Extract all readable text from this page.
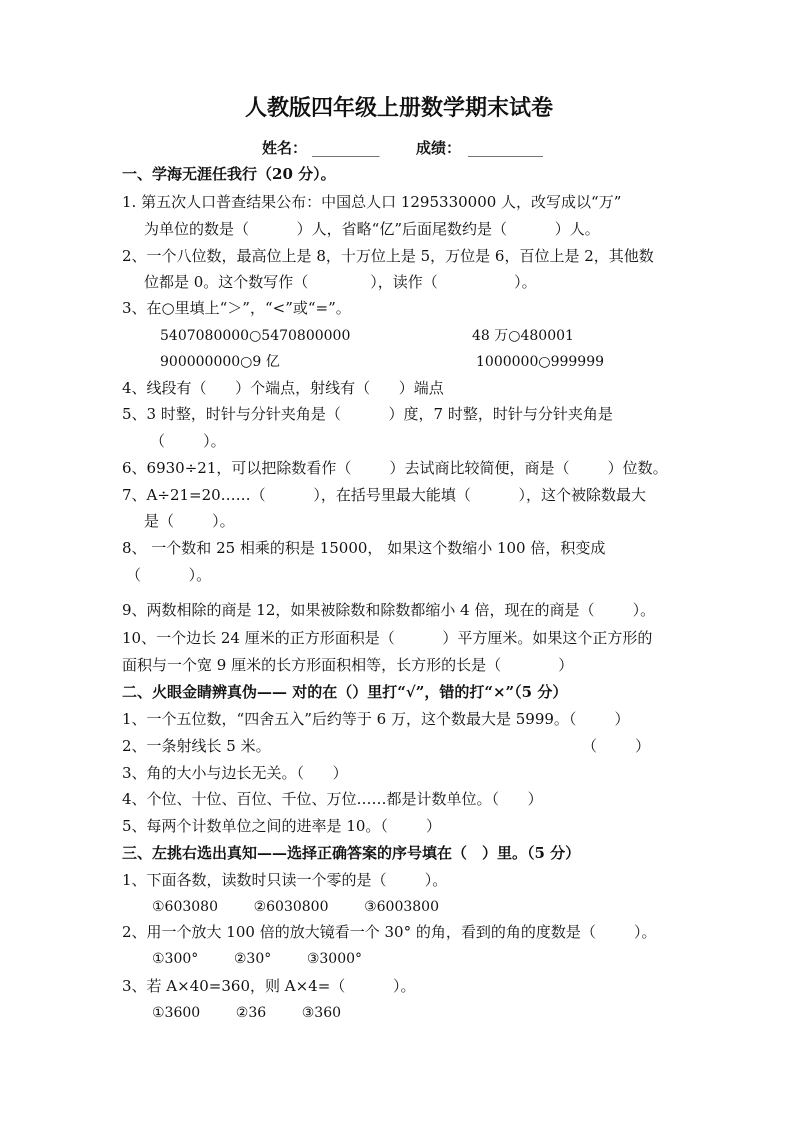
人教版四年级上册数学期末试卷
姓名： _________ 成绩： __________
一、学海无涯任我行（20 分）。
1. 第五次人口普查结果公布：中国总人口 1295330000 人，改写成以“万”
为单位的数是（          ）人，省略“亿”后面尾数约是（          ）人。
2、一个八位数，最高位上是 8，十万位上是 5，万位是 6，百位上是 2，其他数
位都是 0。这个数写作（             ），读作（                ）。
3、在○里填上“＞”，“<”或“=”。
5407080000○5470800000	48 万○480001
900000000○9 亿	1000000○999999
4、线段有（      ）个端点，射线有（      ）端点
5、3 时整，时针与分针夹角是（          ）度，7 时整，时针与分针夹角是
（        ）。
6、6930÷21，可以把除数看作（        ）去试商比较简便，商是（        ）位数。
7、A÷21=20……（          ），在括号里最大能填（          ），这个被除数最大
是（        ）。
8、 一个数和 25 相乘的积是 15000， 如果这个数缩小 100 倍，积变成
（          ）。
9、两数相除的商是 12，如果被除数和除数都缩小 4 倍，现在的商是（        ）。
10、一个边长 24 厘米的正方形面积是（          ）平方厘米。如果这个正方形的
面积与一个宽 9 厘米的长方形面积相等，长方形的长是（            ）
二、火眼金睛辨真伪—— 对的在（）里打“√”，错的打“×”（5 分）
1、一个五位数，“四舍五入”后约等于 6 万，这个数最大是 5999。（        ）
2、一条射线长 5 米。	（        ）
3、角的大小与边长无关。（      ）
4、个位、十位、百位、千位、万位……都是计数单位。（      ）
5、每两个计数单位之间的进率是 10。（        ）
三、左挑右选出真知——选择正确答案的序号填在（　）里。（5 分）
1、下面各数，读数时只读一个零的是（        ）。
①603080        ②6030800        ③6003800
2、用一个放大 100 倍的放大镜看一个 30° 的角，看到的角的度数是（        ）。
①300°        ②30°        ③3000°
3、若 A×40=360，则 A×4=（          ）。
①3600        ②36        ③360
